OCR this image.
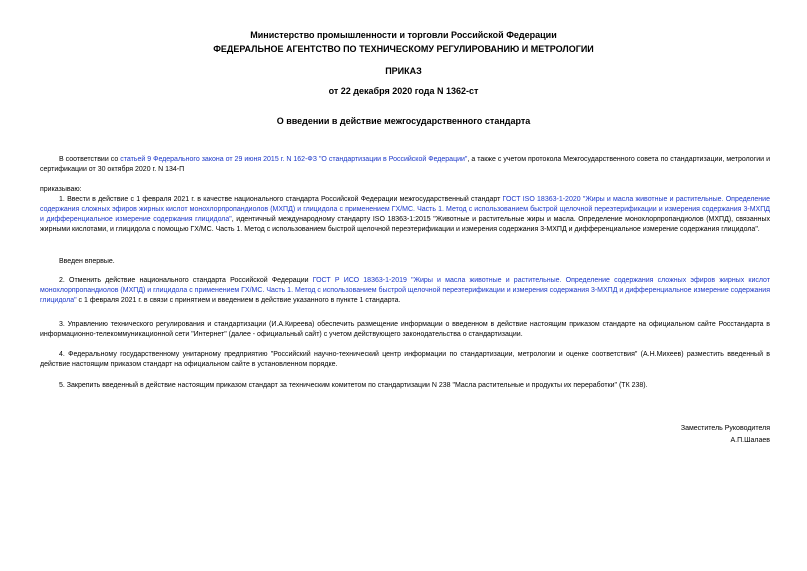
Министерство промышленности и торговли Российской Федерации
ФЕДЕРАЛЬНОЕ АГЕНТСТВО ПО ТЕХНИЧЕСКОМУ РЕГУЛИРОВАНИЮ И МЕТРОЛОГИИ
ПРИКАЗ
от 22 декабря 2020 года N 1362-ст
О введении в действие межгосударственного стандарта
В соответствии со статьей 9 Федерального закона от 29 июня 2015 г. N 162-ФЗ "О стандартизации в Российской Федерации", а также с учетом протокола Межгосударственного совета по стандартизации, метрологии и сертификации от 30 октября 2020 г. N 134-П
приказываю:
1. Ввести в действие с 1 февраля 2021 г. в качестве национального стандарта Российской Федерации межгосударственный стандарт ГОСТ ISO 18363-1-2020 "Жиры и масла животные и растительные. Определение содержания сложных эфиров жирных кислот монохлорпропандиолов (МХПД) и глицидола с применением ГХ/МС. Часть 1. Метод с использованием быстрой щелочной переэтерификации и измерения содержания 3-МХПД и дифференциальное измерение содержания глицидола", идентичный международному стандарту ISO 18363-1:2015 "Животные и растительные жиры и масла. Определение монохлорпропандиолов (МХПД), связанных жирными кислотами, и глицидола с помощью ГХ/МС. Часть 1. Метод с использованием быстрой щелочной переэтерификации и измерения содержания 3-МХПД и дифференциальное измерение содержания глицидола".
Введен впервые.
2. Отменить действие национального стандарта Российской Федерации ГОСТ Р ИСО 18363-1-2019 "Жиры и масла животные и растительные. Определение содержания сложных эфиров жирных кислот монохлорпропандиолов (МХПД) и глицидола с применением ГХ/МС. Часть 1. Метод с использованием быстрой щелочной переэтерификации и измерения содержания 3-МХПД и дифференциальное измерение содержания глицидола" с 1 февраля 2021 г. в связи с принятием и введением в действие указанного в пункте 1 стандарта.
3. Управлению технического регулирования и стандартизации (И.А.Киреева) обеспечить размещение информации о введенном в действие настоящим приказом стандарте на официальном сайте Росстандарта в информационно-телекоммуникационной сети "Интернет" (далее - официальный сайт) с учетом действующего законодательства о стандартизации.
4. Федеральному государственному унитарному предприятию "Российский научно-технический центр информации по стандартизации, метрологии и оценке соответствия" (А.Н.Михеев) разместить введенный в действие настоящим приказом стандарт на официальном сайте в установленном порядке.
5. Закрепить введенный в действие настоящим приказом стандарт за техническим комитетом по стандартизации N 238 "Масла растительные и продукты их переработки" (ТК 238).
Заместитель Руководителя
А.П.Шалаев
